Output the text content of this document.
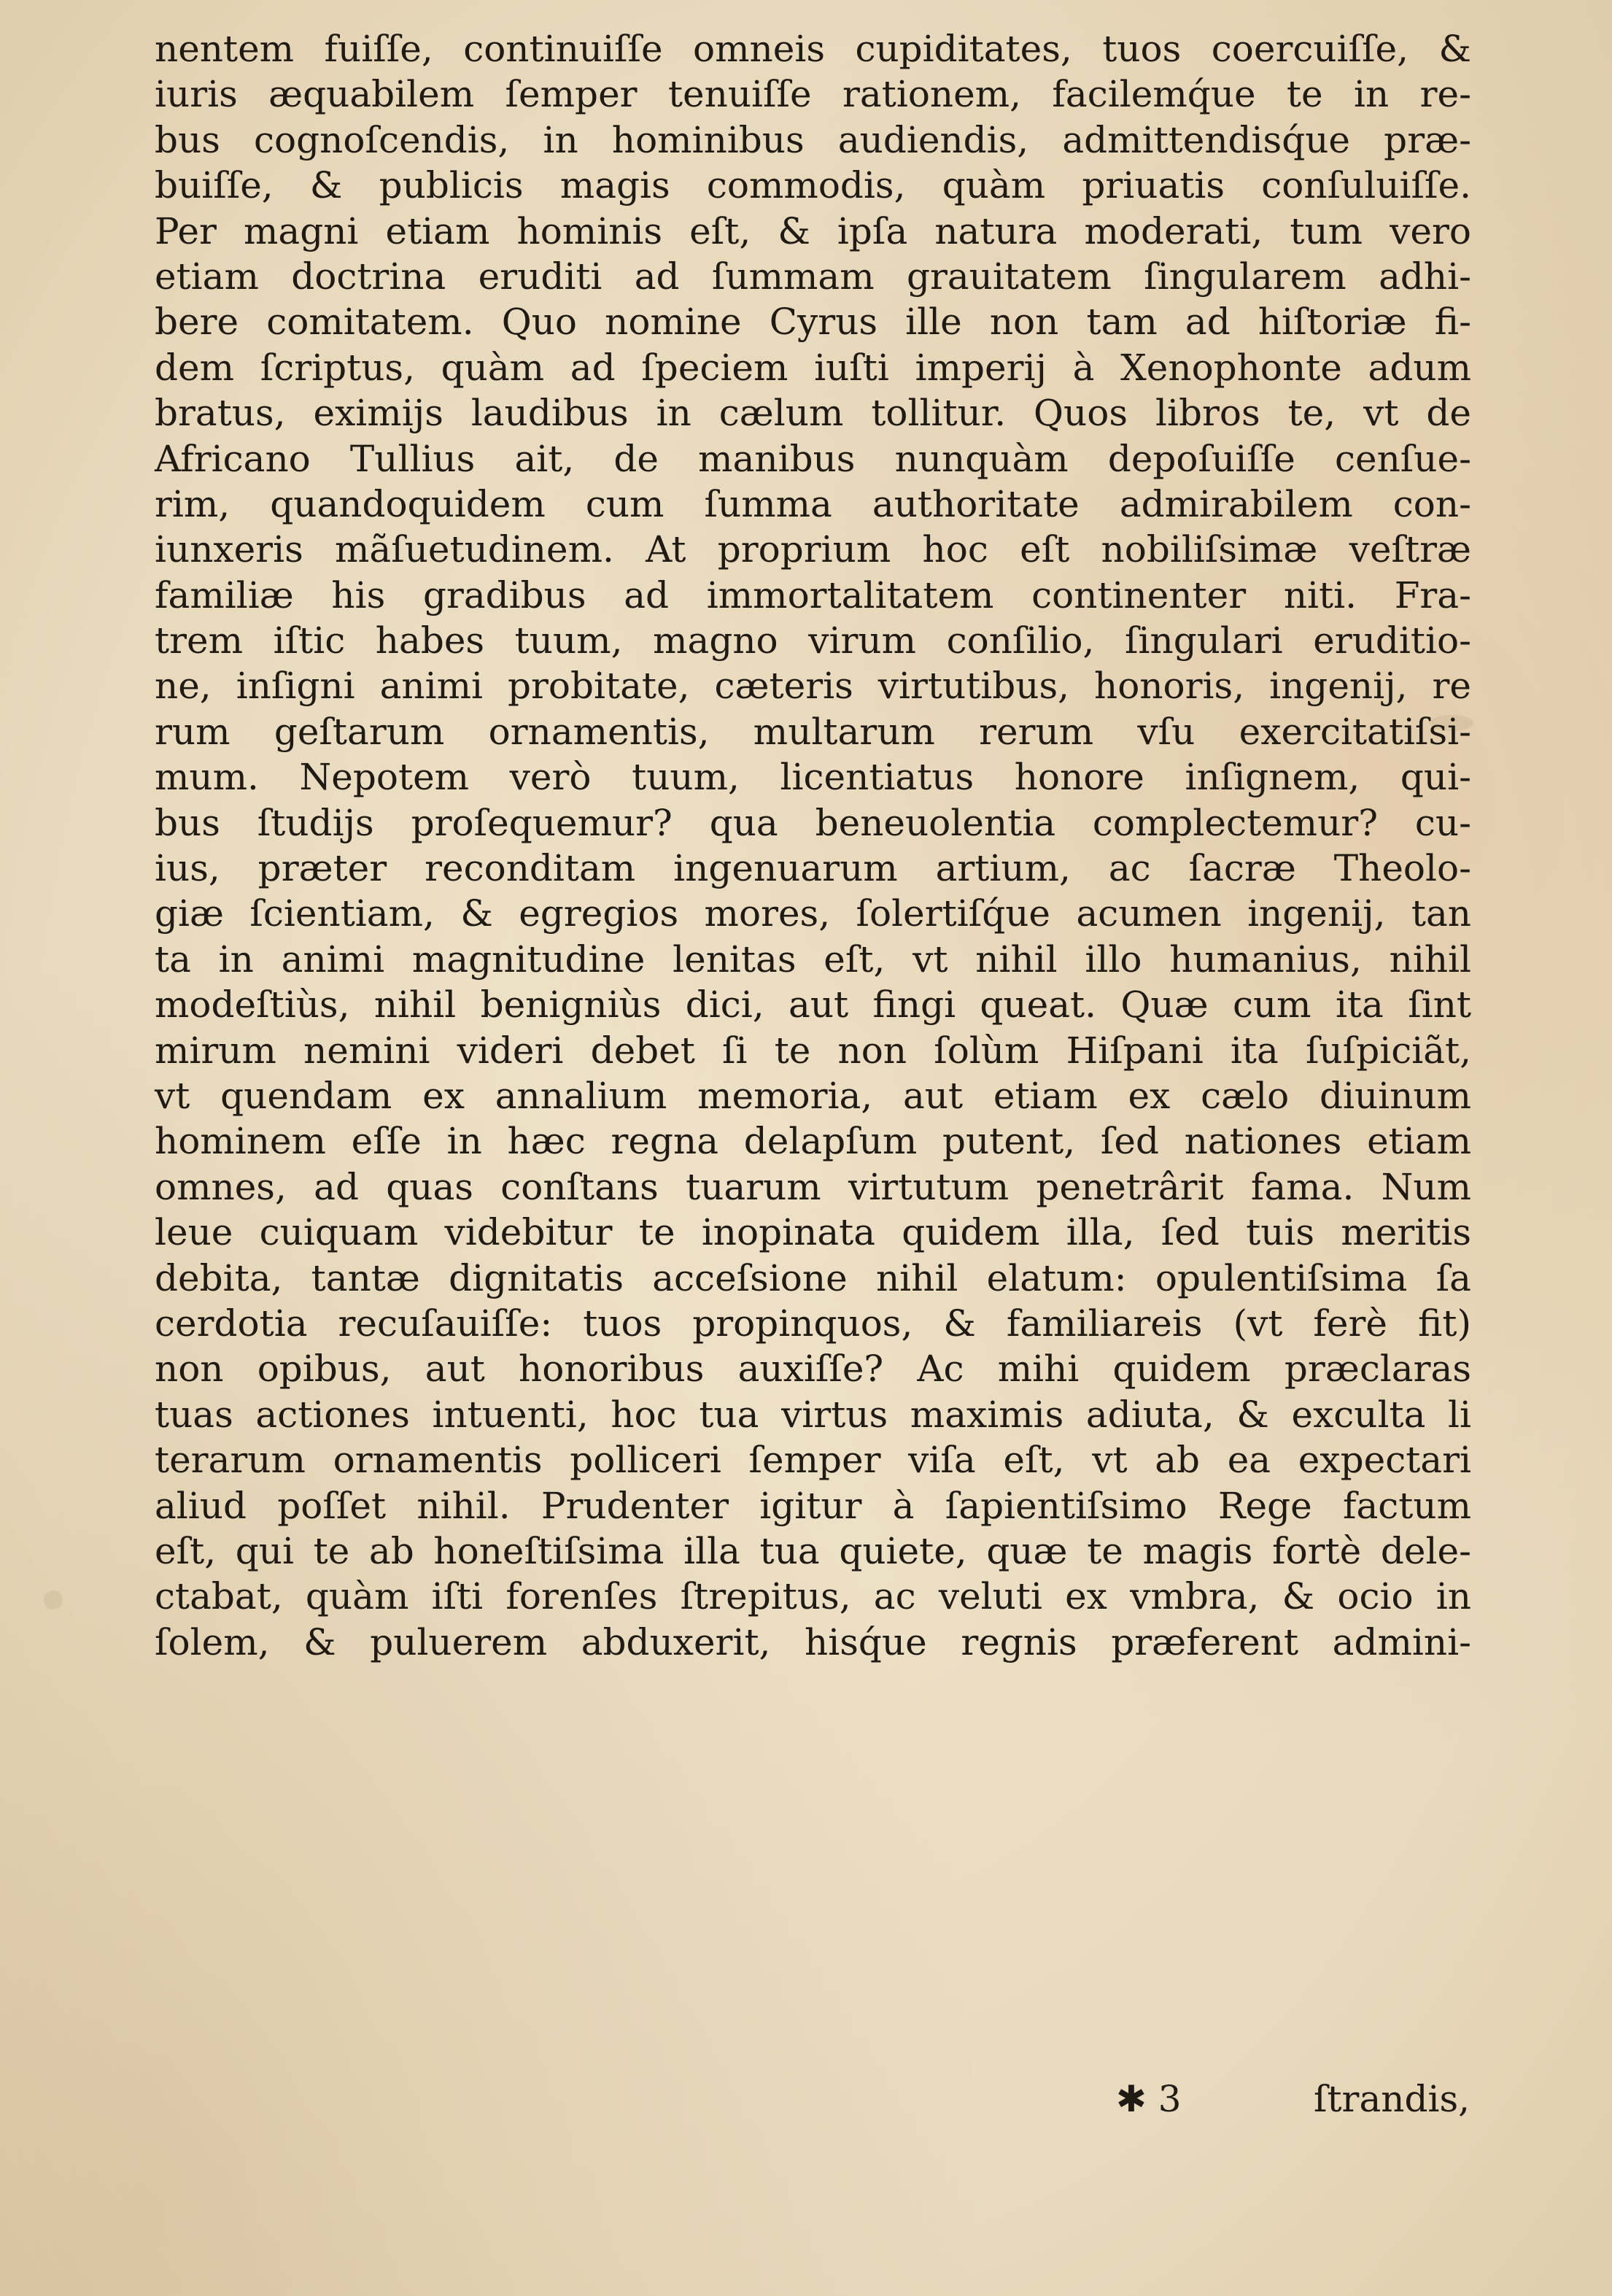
nentem fuiſſe, continuiſſe omneis cupiditates, tuos coercuiſſe, &
iuris æquabilem ſemper tenuiſſe rationem, facilemq́ue te in re-
bus cognoſcendis, in hominibus audiendis, admittendisq́ue præ-
buiſſe, & publicis magis commodis, quàm priuatis conſuluiſſe.
Per magni etiam hominis eſt, & ipſa natura moderati, tum vero
etiam doctrina eruditi ad ſummam grauitatem ſingularem adhi-
bere comitatem. Quo nomine Cyrus ille non tam ad hiſtoriæ fi-
dem ſcriptus, quàm ad ſpeciem iuſti imperij à Xenophonte adum
bratus, eximijs laudibus in cælum tollitur. Quos libros te, vt de
Africano Tullius ait, de manibus nunquàm depoſuiſſe cenſue-
rim, quandoquidem cum ſumma authoritate admirabilem con-
iunxeris mãſuetudinem. At proprium hoc eſt nobiliſsimæ veſtræ
familiæ his gradibus ad immortalitatem continenter niti. Fra-
trem iſtic habes tuum, magno virum conſilio, ſingulari eruditio-
ne, inſigni animi probitate, cæteris virtutibus, honoris, ingenij, re
rum geſtarum ornamentis, multarum rerum vſu exercitatiſsi-
mum. Nepotem verò tuum, licentiatus honore inſignem, qui-
bus ſtudijs proſequemur? qua beneuolentia complectemur? cu-
ius, præter reconditam ingenuarum artium, ac ſacræ Theolo-
giæ ſcientiam, & egregios mores, ſolertiſq́ue acumen ingenij, tan
ta in animi magnitudine lenitas eſt, vt nihil illo humanius, nihil
modeſtiùs, nihil benigniùs dici, aut fingi queat. Quæ cum ita ſint
mirum nemini videri debet ſi te non ſolùm Hiſpani ita ſuſpiciãt,
vt quendam ex annalium memoria, aut etiam ex cælo diuinum
hominem eſſe in hæc regna delapſum putent, ſed nationes etiam
omnes, ad quas conſtans tuarum virtutum penetrârit fama. Num
leue cuiquam videbitur te inopinata quidem illa, ſed tuis meritis
debita, tantæ dignitatis acceſsione nihil elatum: opulentiſsima ſa
cerdotia recuſauiſſe: tuos propinquos, & familiareis (vt ferè fit)
non opibus, aut honoribus auxiſſe? Ac mihi quidem præclaras
tuas actiones intuenti, hoc tua virtus maximis adiuta, & exculta li
terarum ornamentis polliceri ſemper viſa eſt, vt ab ea expectari
aliud poſſet nihil. Prudenter igitur à ſapientiſsimo Rege factum
eſt, qui te ab honeſtiſsima illa tua quiete, quæ te magis fortè dele-
ctabat, quàm iſti forenſes ſtrepitus, ac veluti ex vmbra, & ocio in
ſolem, & puluerem abduxerit, hisq́ue regnis præferent admini-
✱ 3	ſtrandis,
